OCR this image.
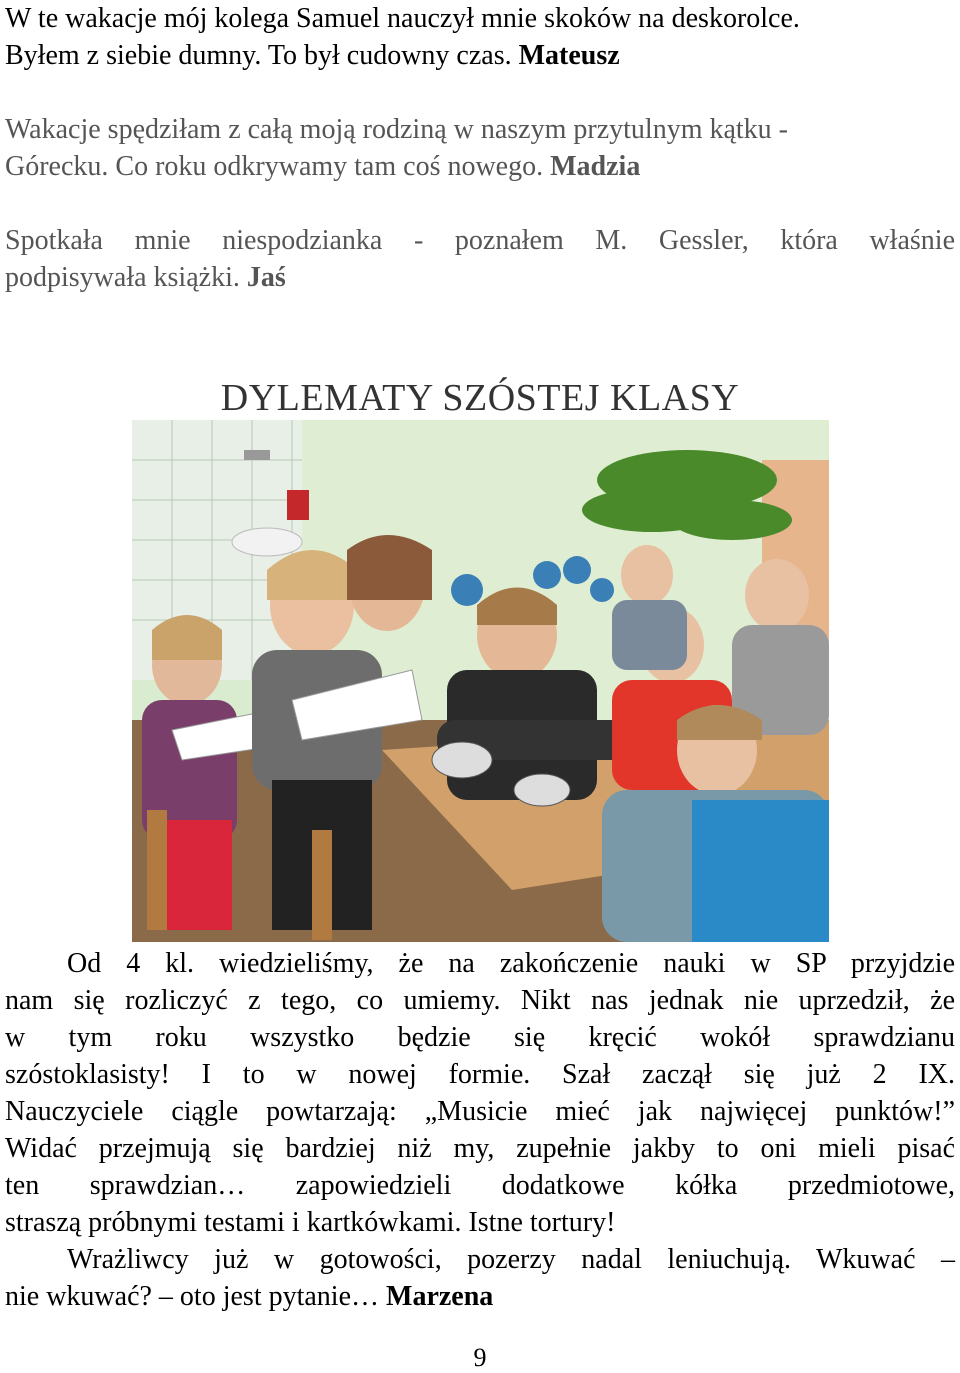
W te wakacje mój kolega Samuel nauczył mnie skoków na deskorolce.
Byłem z siebie dumny. To był cudowny czas. Mateusz
Wakacje spędziłam z całą moją rodziną w naszym przytulnym kątku -
Górecku. Co roku odkrywamy tam coś nowego. Madzia
Spotkała mnie niespodzianka - poznałem M. Gessler, która właśnie
podpisywała książki. Jaś
DYLEMATY SZÓSTEJ KLASY
Od 4 kl. wiedzieliśmy, że na zakończenie nauki w SP przyjdzie
nam się rozliczyć z tego, co umiemy. Nikt nas jednak nie uprzedził, że
w tym roku wszystko będzie się kręcić wokół sprawdzianu
szóstoklasisty! I to w nowej formie. Szał zaczął się już 2 IX.
Nauczyciele ciągle powtarzają: „Musicie mieć jak najwięcej punktów!”
Widać przejmują się bardziej niż my, zupełnie jakby to oni mieli pisać
ten sprawdzian… zapowiedzieli dodatkowe kółka przedmiotowe,
straszą próbnymi testami i kartkówkami. Istne tortury!
Wrażliwcy już w gotowości, pozerzy nadal leniuchują. Wkuwać –
nie wkuwać? – oto jest pytanie… Marzena
9
